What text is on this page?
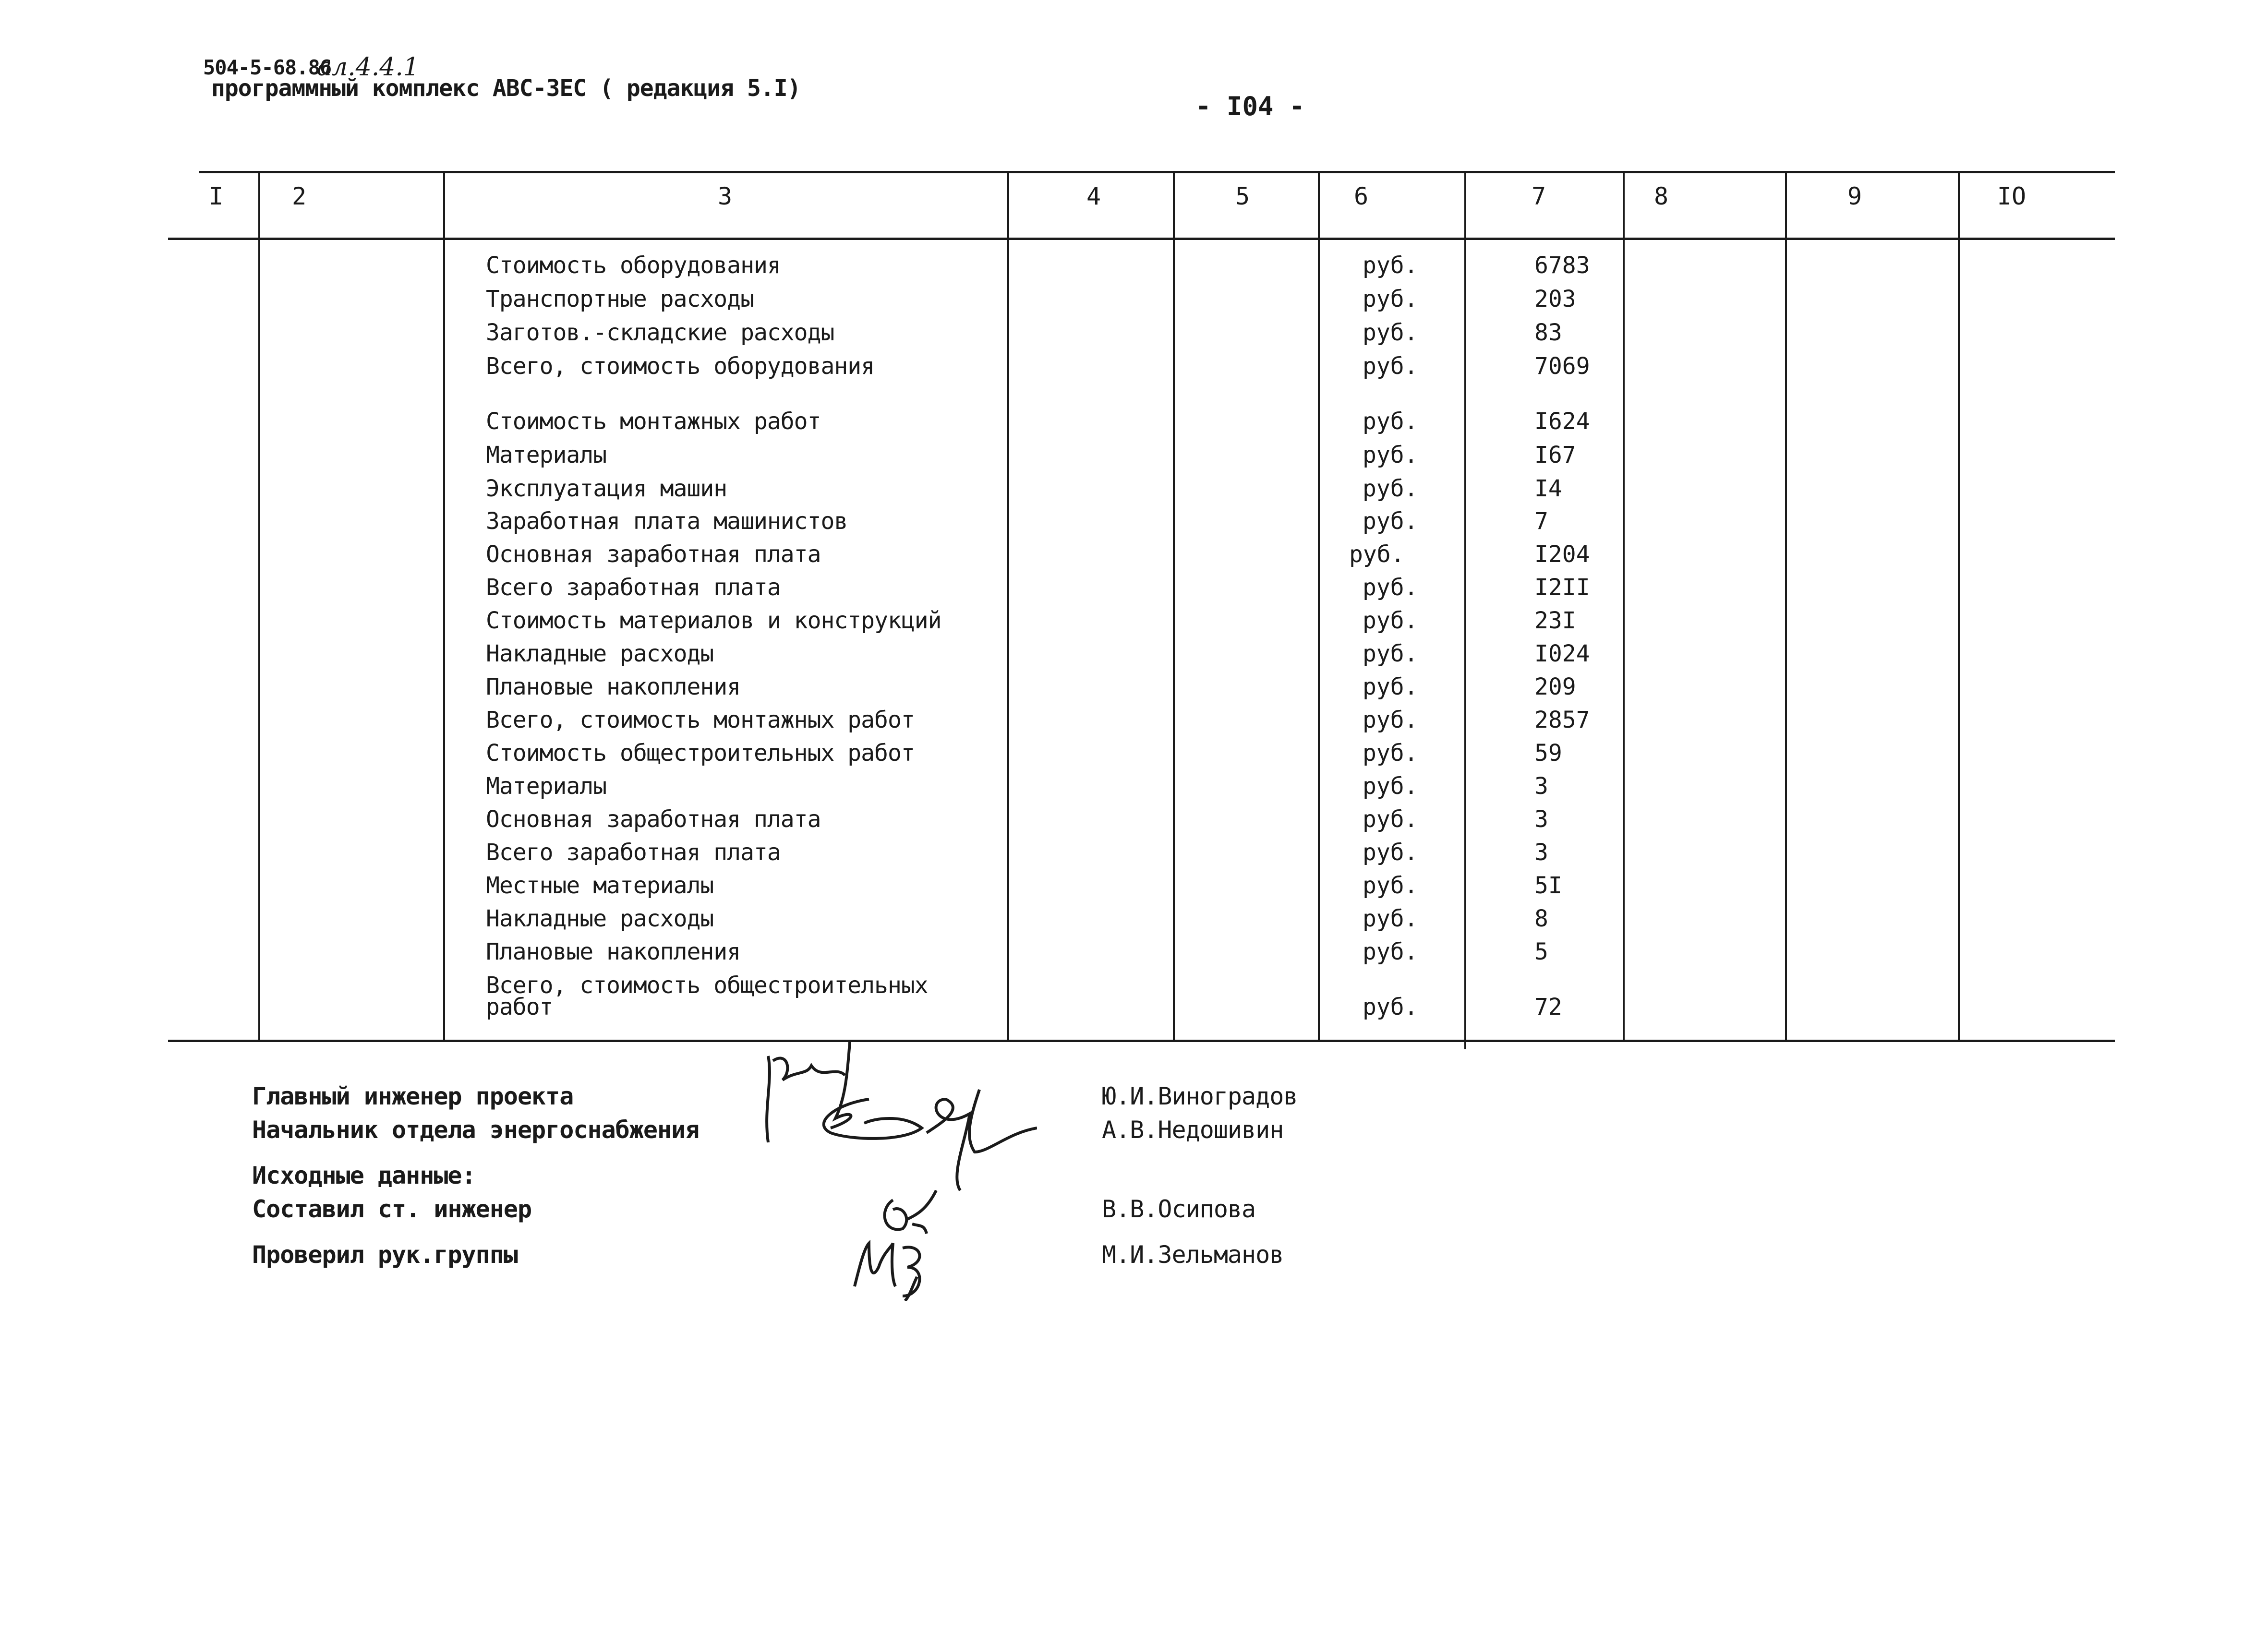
504-5-68.86
ал.4.4.1
программный комплекс АВС-ЗЕС ( редакция 5.I)
- I04 -
I	2	3	4	5	6	7	8	9	IO
Стоимость оборудования	руб.	6783
Транспортные расходы	руб.	203
Заготов.-складские расходы	руб.	83
Всего, стоимость оборудования	руб.	7069
Стоимость монтажных работ	руб.	I624
Материалы	руб.	I67
Эксплуатация машин	руб.	I4
Заработная плата машинистов	руб.	7
Основная заработная плата	руб.	I204
Всего заработная плата	руб.	I2II
Стоимость материалов и конструкций	руб.	23I
Накладные расходы	руб.	I024
Плановые накопления	руб.	209
Всего, стоимость монтажных работ	руб.	2857
Стоимость общестроительных работ	руб.	59
Материалы	руб.	3
Основная заработная плата	руб.	3
Всего заработная плата	руб.	3
Местные материалы	руб.	5I
Накладные расходы	руб.	8
Плановые накопления	руб.	5
Всего, стоимость общестроительных
работ	руб.	72
Главный инженер проекта	Ю.И.Виноградов
Начальник отдела энергоснабжения	А.В.Недошивин
Исходные данные:
Составил ст. инженер	В.В.Осипова
Проверил рук.группы	М.И.Зельманов
